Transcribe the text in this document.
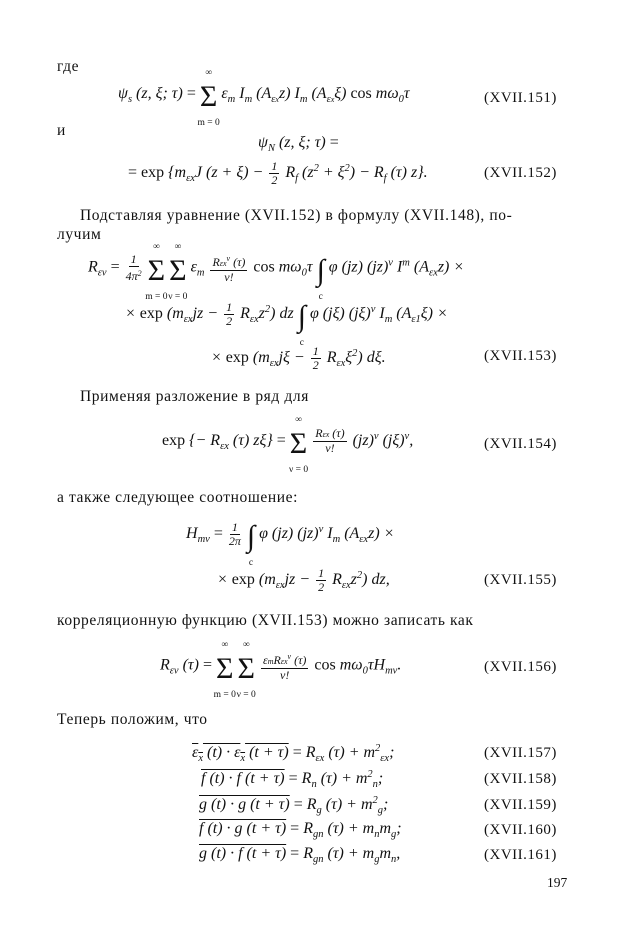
где
$\psi_s$ (z, ξ; τ) = Σ
∞
m = 0
$\varepsilon_m$ $I_m$ $(A_{\varepsilon x}z)$ $I_m$ $(A_{\varepsilon x}\xi)$ $\cos m\omega_0\tau$	(XVII.151)
и
$\psi_N$ (z, ξ; τ) =
= $\exp \{m_{\varepsilon x}J$ $(z + \xi) - \frac{1}{2} R_f$ $(z^2 + \xi^2) - R_f$ (τ) z}.	(XVII.152)
Подставляя уравнение (XVII.152) в формулу (XVII.148), по-
лучим
$R_{\varepsilon\nu} = \frac{1}{4\pi^2}$ Σ
∞
m = 0
Σ
∞
ν = 0
$\varepsilon_m \frac{R\varepsilon x^\nu (\tau)}{\nu!}$ $\cos m\omega_0\tau$ ∫
c
φ (jz) (jz)$^\nu$ $I^m$ $(A_{\varepsilon x}z)$ ×
× $\exp (m_{\varepsilon x}jz - \frac{1}{2} R_{\varepsilon x}z^2)$ dz ∫
c
φ (jξ) $(j\xi)^\nu$ $I_m$ $(A_{\varepsilon 1}\xi)$ ×
× $\exp (m_{\varepsilon x}j\xi - \frac{1}{2} R_{\varepsilon x}\xi^2)$ dξ.	(XVII.153)
Применяя разложение в ряд для
exp {− $R_{\varepsilon x}$ (τ) zξ} = Σ
∞
ν = 0

$\frac{\text{Rεx (τ)}}{\nu!} (jz)^\nu$ $(j\xi)^\nu$,	(XVII.154)
а также следующее соотношение:
$H_{m\nu} = \frac{1}{2\pi}$ ∫
c
φ (jz) (jz)$^\nu$ $I_m$ $(A_{\varepsilon x}z)$ ×
× $\exp (m_{\varepsilon x}jz - \frac{1}{2} R_{\varepsilon x}z^2)$ dz,	(XVII.155)
корреляционную функцию (XVII.153) можно записать как
$R_{\varepsilon\nu}$ (τ) = Σ
∞
m = 0
Σ
∞
ν = 0

$\frac{\varepsilon mR\varepsilon x^\nu (\tau)}{\nu!}$ $\cos m\omega_0\tau H_{m\nu}$.	(XVII.156)
Теперь положим, что
$\varepsilon_x$ $(t) \cdot \varepsilon_x$ $(t + \tau) = R_{\varepsilon x}$ $(\tau) + m^2_{\varepsilon x}$;	(XVII.157)
f (t) · f $(t + \tau) = R_n$ $(\tau) + m^2_n$;	(XVII.158)
g (t) · g $(t + \tau) = R_g$ $(\tau) + m^2_g$;	(XVII.159)
f (t) · g $(t + \tau) = R_{gn}$ $(\tau) + m_nm_g$;	(XVII.160)
g (t) · f $(t + \tau) = R_{gn}$ $(\tau) + m_gm_n$,	(XVII.161)
197
